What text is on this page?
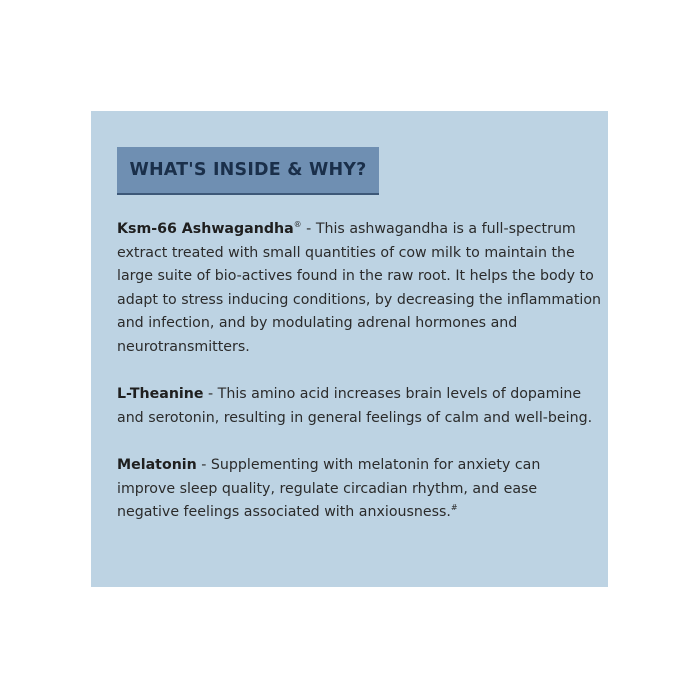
WHAT'S INSIDE & WHY?

Ksm-66 Ashwagandha® - This ashwagandha is a full-spectrum extract treated with small quantities of cow milk to maintain the large suite of bio-actives found in the raw root. It helps the body to adapt to stress inducing conditions, by decreasing the inflammation and infection, and by modulating adrenal hormones and neurotransmitters.

L-Theanine - This amino acid increases brain levels of dopamine and serotonin, resulting in general feelings of calm and well-being.

Melatonin - Supplementing with melatonin for anxiety can improve sleep quality, regulate circadian rhythm, and ease negative feelings associated with anxiousness.#
